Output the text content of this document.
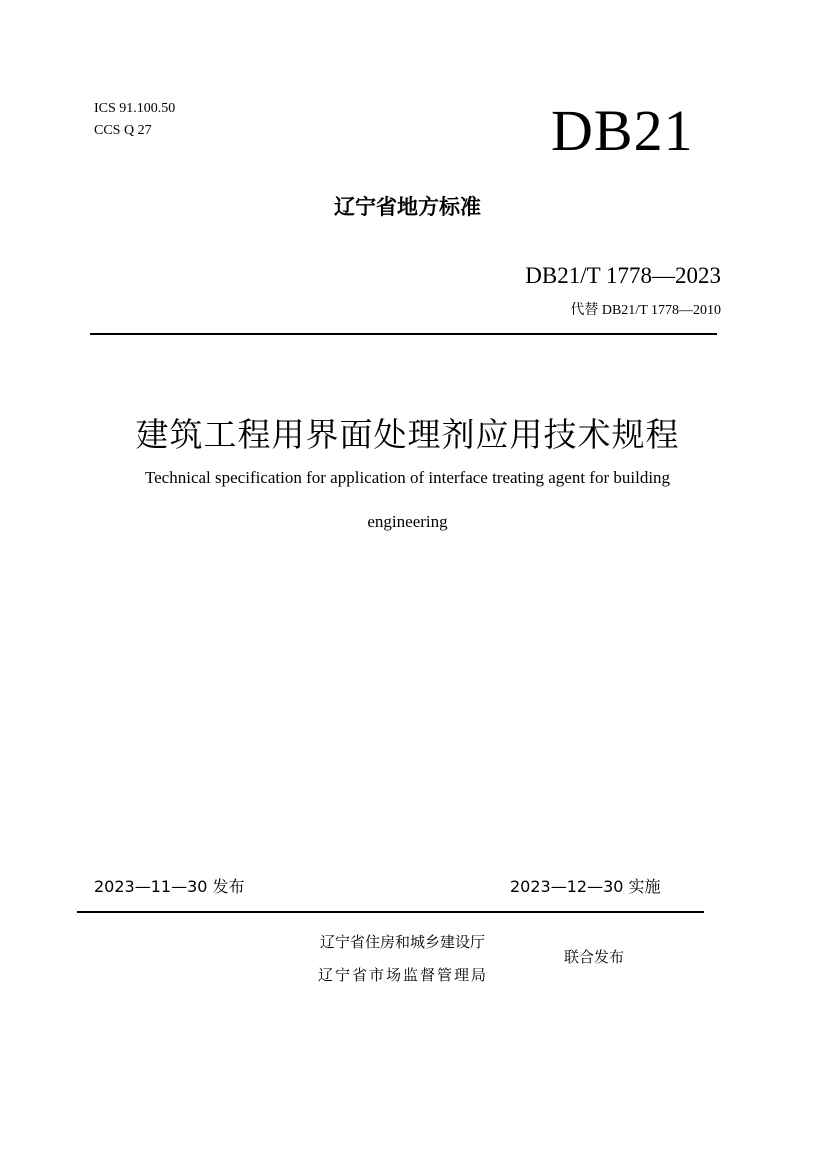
ICS 91.100.50
CCS Q 27	DB21
辽宁省地方标准
DB21/T 1778—2023
代替 DB21/T 1778—2010
建筑工程用界面处理剂应用技术规程
Technical specification for application of interface treating agent for building
engineering
2023—11—30 发布	2023—12—30 实施
辽宁省住房和城乡建设厅
辽宁省市场监督管理局
联合发布
